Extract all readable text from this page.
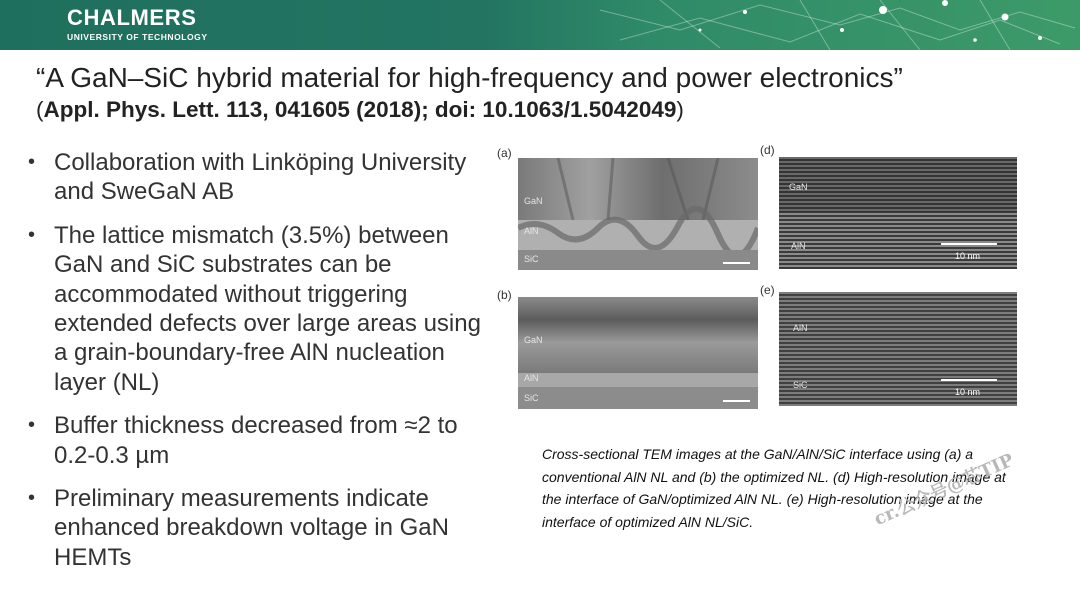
CHALMERS
UNIVERSITY OF TECHNOLOGY
“A GaN–SiC hybrid material for high-frequency and power electronics”
(Appl. Phys. Lett. 113, 041605 (2018); doi: 10.1063/1.5042049)
• Collaboration with Linköping University and SweGaN AB
• The lattice mismatch (3.5%) between GaN and SiC substrates can be accommodated without triggering extended defects over large areas using a grain-boundary-free AlN nucleation layer (NL)
• Buffer thickness decreased from ≈2 to 0.2-0.3 µm
• Preliminary measurements indicate enhanced breakdown voltage in GaN HEMTs
(a)	(d)
(b)	(e)
GaN
AlN
SiC
GaN
AlN
SiC
GaN
AlN
10 nm
AlN
SiC
10 nm
Cross-sectional TEM images at the GaN/AlN/SiC interface using (a) a conventional AlN NL and (b) the optimized NL. (d) High-resolution image at the interface of GaN/optimized AlN NL. (e) High-resolution image at the interface of optimized AlN NL/SiC.	cr.公众号@芯TIP
